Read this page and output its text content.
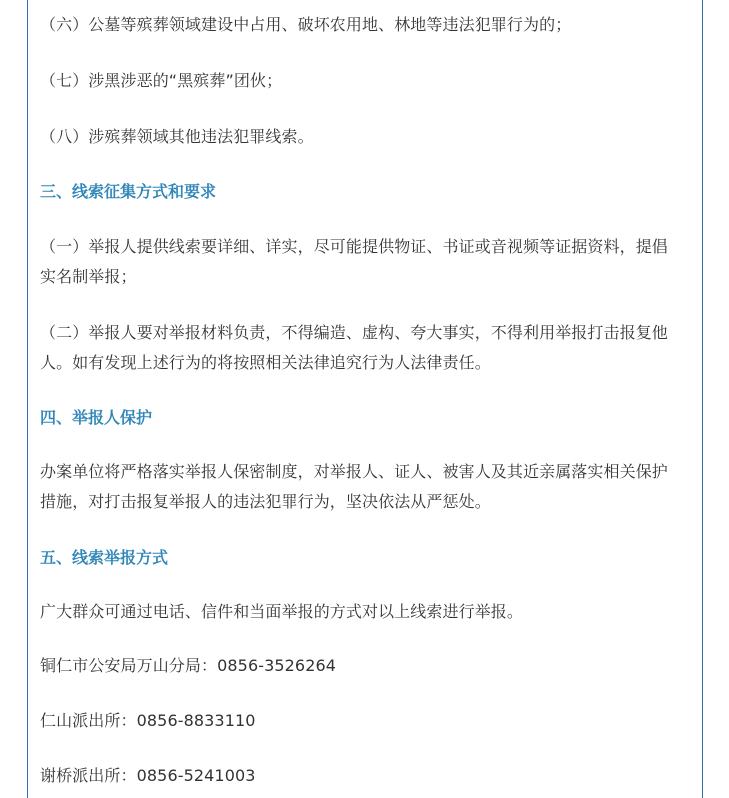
（六）公墓等殡葬领域建设中占用、破坏农用地、林地等违法犯罪行为的；
（七）涉黑涉恶的“黑殡葬”团伙；
（八）涉殡葬领域其他违法犯罪线索。
三、线索征集方式和要求
（一）举报人提供线索要详细、详实，尽可能提供物证、书证或音视频等证据资料，提倡
实名制举报；
（二）举报人要对举报材料负责，不得编造、虚构、夸大事实，不得利用举报打击报复他
人。如有发现上述行为的将按照相关法律追究行为人法律责任。
四、举报人保护
办案单位将严格落实举报人保密制度，对举报人、证人、被害人及其近亲属落实相关保护
措施，对打击报复举报人的违法犯罪行为，坚决依法从严惩处。
五、线索举报方式
广大群众可通过电话、信件和当面举报的方式对以上线索进行举报。
铜仁市公安局万山分局：0856-3526264
仁山派出所：0856-8833110
谢桥派出所：0856-5241003
